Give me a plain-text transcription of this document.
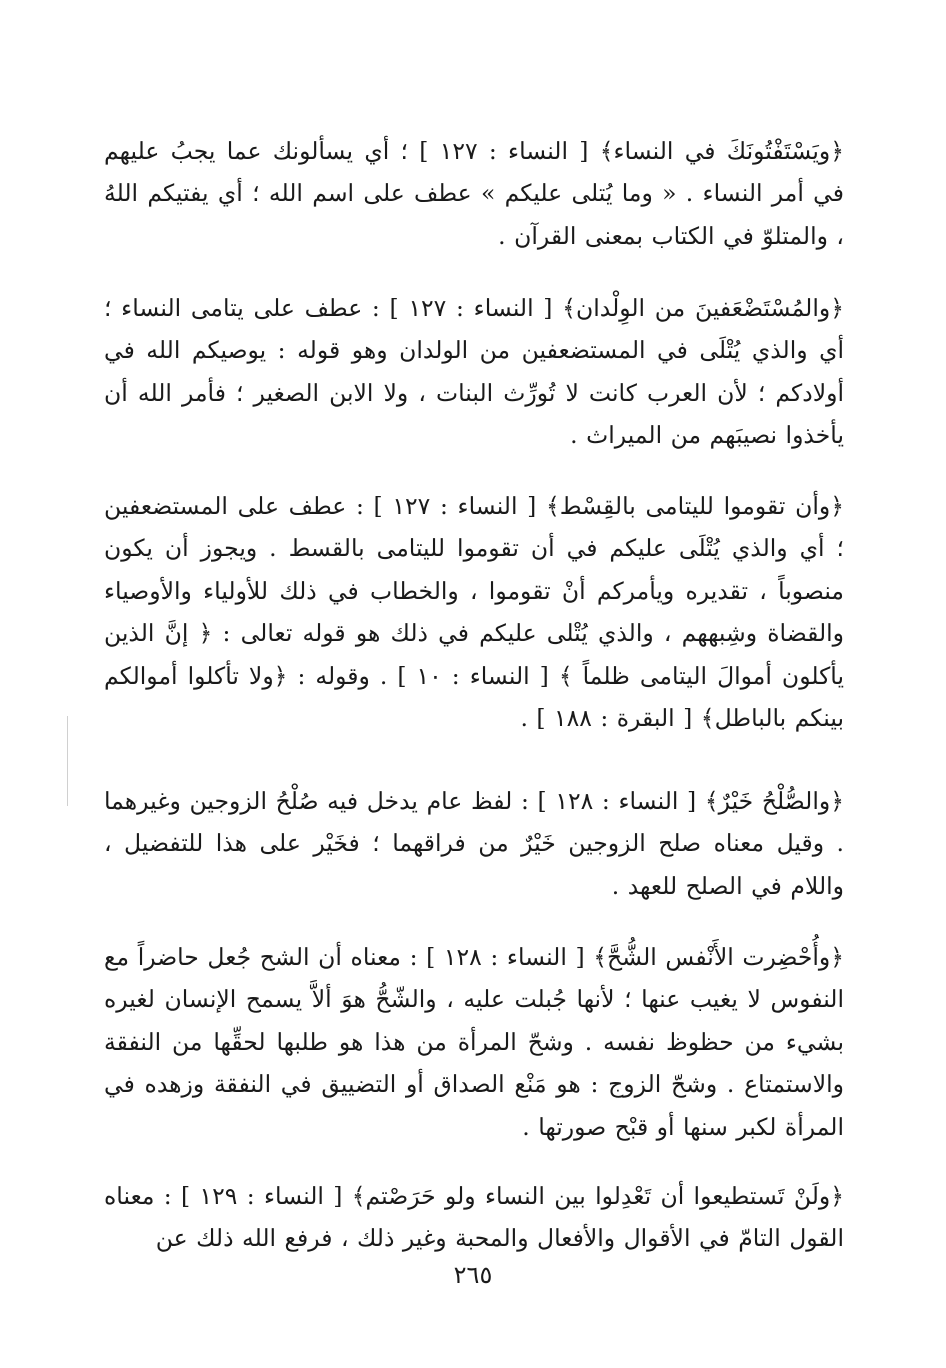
﴿ويَسْتَفْتُونَكَ في النساء﴾ [ النساء : ١٢٧ ] ؛ أي يسألونك عما يجبُ عليهم في أمر النساء . « وما يُتلى عليكم » عطف على اسم الله ؛ أي يفتيكم اللهُ ، والمتلوّ في الكتاب بمعنى القرآن .

﴿والمُسْتَضْعَفينَ من الوِلْدان﴾ [ النساء : ١٢٧ ] : عطف على يتامى النساء ؛ أي والذي يُتْلَى في المستضعفين من الولدان وهو قوله : يوصيكم الله في أولادكم ؛ لأن العرب كانت لا تُورِّث البنات ، ولا الابن الصغير ؛ فأمر الله أن يأخذوا نصيبَهم من الميراث .

﴿وأن تقوموا لليتامى بالقِسْط﴾ [ النساء : ١٢٧ ] : عطف على المستضعفين ؛ أي والذي يُتْلَى عليكم في أن تقوموا لليتامى بالقسط . ويجوز أن يكون منصوباً ، تقديره ويأمركم أنْ تقوموا ، والخطاب في ذلك للأولياء والأوصياء والقضاة وشِبههم ، والذي يُتْلى عليكم في ذلك هو قوله تعالى : ﴿ إنَّ الذين يأكلون أموالَ اليتامى ظلماً ﴾ [ النساء : ١٠ ] . وقوله : ﴿ولا تأكلوا أموالكم بينكم بالباطل﴾ [ البقرة : ١٨٨ ] .

﴿والصُّلْحُ خَيْرٌ﴾ [ النساء : ١٢٨ ] : لفظ عام يدخل فيه صُلْحُ الزوجين وغيرهما . وقيل معناه صلح الزوجين خَيْرٌ من فراقهما ؛ فخَيْر على هذا للتفضيل ، واللام في الصلح للعهد .

﴿وأُحْضِرت الأَنْفس الشُّحَّ﴾ [ النساء : ١٢٨ ] : معناه أن الشح جُعل حاضراً مع النفوس لا يغيب عنها ؛ لأنها جُبلت عليه ، والشّحُّ هوَ ألاَّ يسمح الإنسان لغيره بشيء من حظوظ نفسه . وشحّ المرأة من هذا هو طلبها لحقِّها من النفقة والاستمتاع . وشحّ الزوج : هو مَنْع الصداق أو التضييق في النفقة وزهده في المرأة لكبر سنها أو قبْح صورتها .

﴿ولَنْ تَستطيعوا أن تَعْدِلوا بين النساء ولو حَرَصْتم﴾ [ النساء : ١٢٩ ] : معناه القول التامّ في الأقوال والأفعال والمحبة وغير ذلك ، فرفع الله ذلك عن

٢٦٥
